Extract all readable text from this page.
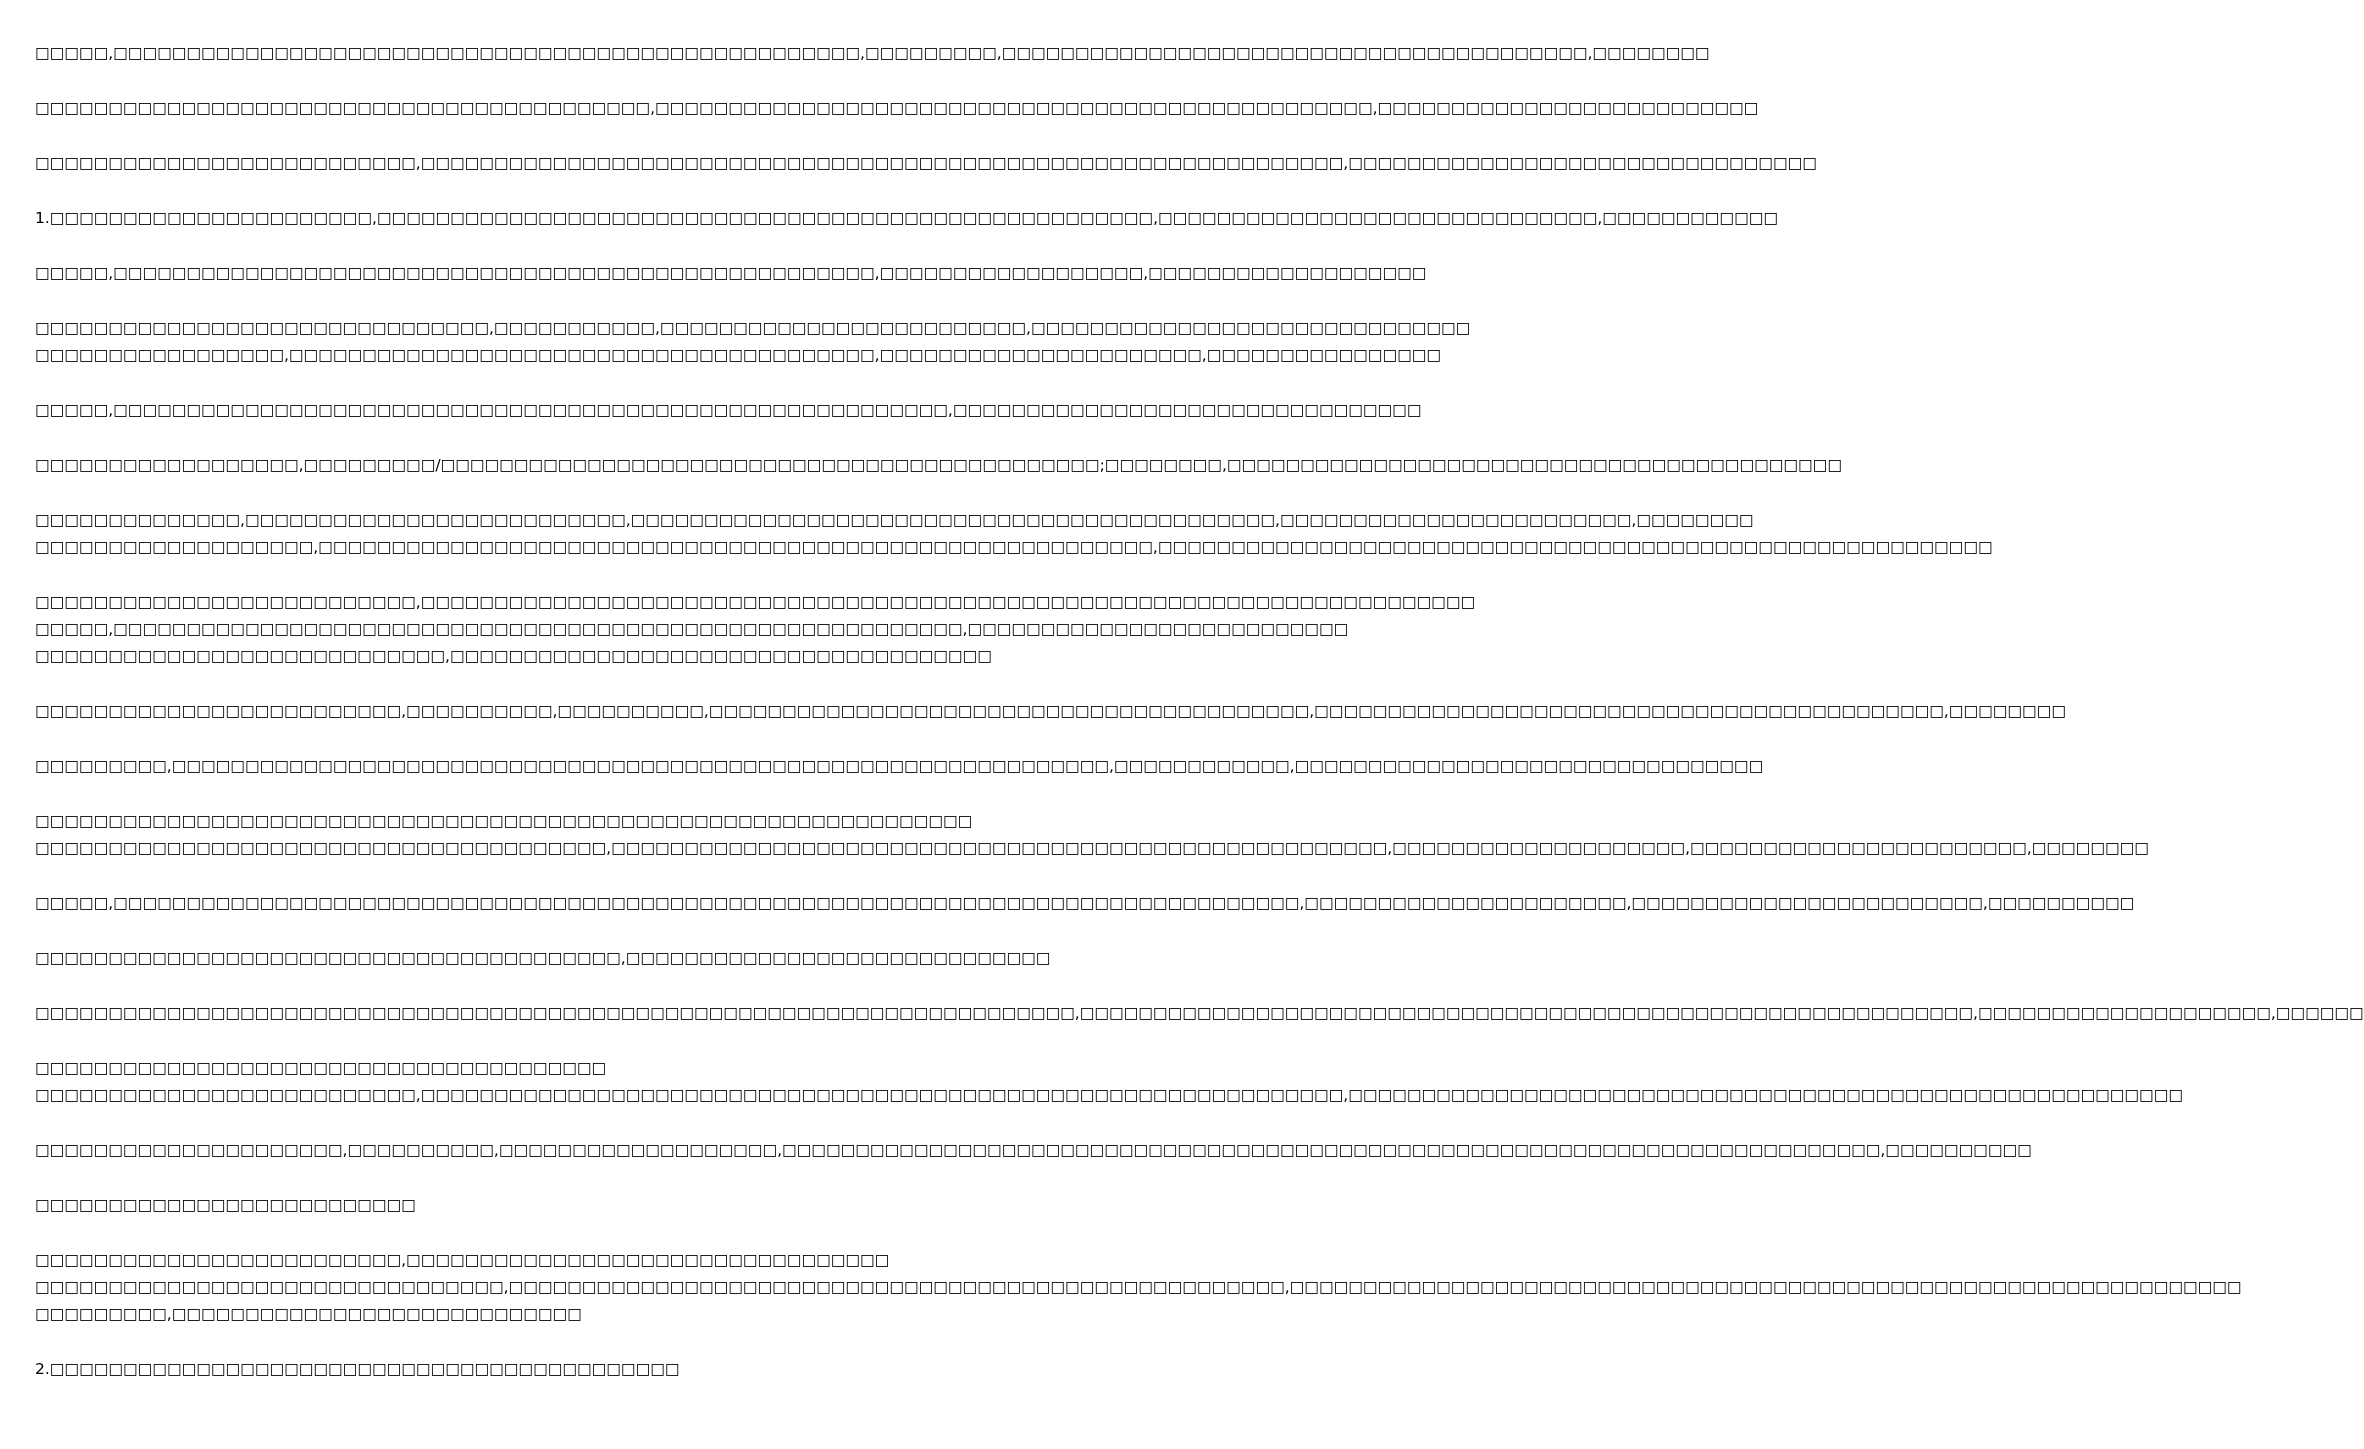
□□□□□,□□□□□□□□□□□□□□□□□□□□□□□□□□□□□□□□□□□□□□□□□□□□□□□□□□□,□□□□□□□□□,□□□□□□□□□□□□□□□□□□□□□□□□□□□□□□□□□□□□□□□□,□□□□□□□□
□□□□□□□□□□□□□□□□□□□□□□□□□□□□□□□□□□□□□□□□□□,□□□□□□□□□□□□□□□□□□□□□□□□□□□□□□□□□□□□□□□□□□□□□□□□□,□□□□□□□□□□□□□□□□□□□□□□□□□□
□□□□□□□□□□□□□□□□□□□□□□□□□□,□□□□□□□□□□□□□□□□□□□□□□□□□□□□□□□□□□□□□□□□□□□□□□□□□□□□□□□□□□□□□□□,□□□□□□□□□□□□□□□□□□□□□□□□□□□□□□□□
1.□□□□□□□□□□□□□□□□□□□□□□,□□□□□□□□□□□□□□□□□□□□□□□□□□□□□□□□□□□□□□□□□□□□□□□□□□□□□,□□□□□□□□□□□□□□□□□□□□□□□□□□□□□□,□□□□□□□□□□□□
□□□□□,□□□□□□□□□□□□□□□□□□□□□□□□□□□□□□□□□□□□□□□□□□□□□□□□□□□□,□□□□□□□□□□□□□□□□□□,□□□□□□□□□□□□□□□□□□□
□□□□□□□□□□□□□□□□□□□□□□□□□□□□□□□,□□□□□□□□□□□,□□□□□□□□□□□□□□□□□□□□□□□□□,□□□□□□□□□□□□□□□□□□□□□□□□□□□□□□
□□□□□□□□□□□□□□□□□,□□□□□□□□□□□□□□□□□□□□□□□□□□□□□□□□□□□□□□□□,□□□□□□□□□□□□□□□□□□□□□□,□□□□□□□□□□□□□□□□
□□□□□,□□□□□□□□□□□□□□□□□□□□□□□□□□□□□□□□□□□□□□□□□□□□□□□□□□□□□□□□□,□□□□□□□□□□□□□□□□□□□□□□□□□□□□□□□□
□□□□□□□□□□□□□□□□□□,□□□□□□□□□/□□□□□□□□□□□□□□□□□□□□□□□□□□□□□□□□□□□□□□□□□□□□□;□□□□□□□□,□□□□□□□□□□□□□□□□□□□□□□□□□□□□□□□□□□□□□□□□□□
□□□□□□□□□□□□□□,□□□□□□□□□□□□□□□□□□□□□□□□□□,□□□□□□□□□□□□□□□□□□□□□□□□□□□□□□□□□□□□□□□□□□□□,□□□□□□□□□□□□□□□□□□□□□□□□,□□□□□□□□
□□□□□□□□□□□□□□□□□□□,□□□□□□□□□□□□□□□□□□□□□□□□□□□□□□□□□□□□□□□□□□□□□□□□□□□□□□□□□,□□□□□□□□□□□□□□□□□□□□□□□□□□□□□□□□□□□□□□□□□□□□□□□□□□□□□□□□□
□□□□□□□□□□□□□□□□□□□□□□□□□□,□□□□□□□□□□□□□□□□□□□□□□□□□□□□□□□□□□□□□□□□□□□□□□□□□□□□□□□□□□□□□□□□□□□□□□□□
□□□□□,□□□□□□□□□□□□□□□□□□□□□□□□□□□□□□□□□□□□□□□□□□□□□□□□□□□□□□□□□□,□□□□□□□□□□□□□□□□□□□□□□□□□□
□□□□□□□□□□□□□□□□□□□□□□□□□□□□,□□□□□□□□□□□□□□□□□□□□□□□□□□□□□□□□□□□□□
□□□□□□□□□□□□□□□□□□□□□□□□□,□□□□□□□□□□,□□□□□□□□□□,□□□□□□□□□□□□□□□□□□□□□□□□□□□□□□□□□□□□□□□□□,□□□□□□□□□□□□□□□□□□□□□□□□□□□□□□□□□□□□□□□□□□□,□□□□□□□□
□□□□□□□□□,□□□□□□□□□□□□□□□□□□□□□□□□□□□□□□□□□□□□□□□□□□□□□□□□□□□□□□□□□□□□□□□□,□□□□□□□□□□□□,□□□□□□□□□□□□□□□□□□□□□□□□□□□□□□□□
□□□□□□□□□□□□□□□□□□□□□□□□□□□□□□□□□□□□□□□□□□□□□□□□□□□□□□□□□□□□□□□□
□□□□□□□□□□□□□□□□□□□□□□□□□□□□□□□□□□□□□□□,□□□□□□□□□□□□□□□□□□□□□□□□□□□□□□□□□□□□□□□□□□□□□□□□□□□□□,□□□□□□□□□□□□□□□□□□□□,□□□□□□□□□□□□□□□□□□□□□□□,□□□□□□□□
□□□□□,□□□□□□□□□□□□□□□□□□□□□□□□□□□□□□□□□□□□□□□□□□□□□□□□□□□□□□□□□□□□□□□□□□□□□□□□□□□□□□□□□,□□□□□□□□□□□□□□□□□□□□□□,□□□□□□□□□□□□□□□□□□□□□□□□,□□□□□□□□□□
□□□□□□□□□□□□□□□□□□□□□□□□□□□□□□□□□□□□□□□□,□□□□□□□□□□□□□□□□□□□□□□□□□□□□□
□□□□□□□□□□□□□□□□□□□□□□□□□□□□□□□□□□□□□□□□□□□□□□□□□□□□□□□□□□□□□□□□□□□□□□□,□□□□□□□□□□□□□□□□□□□□□□□□□□□□□□□□□□□□□□□□□□□□□□□□□□□□□□□□□□□□□,□□□□□□□□□□□□□□□□□□□□,□□□□□□
□□□□□□□□□□□□□□□□□□□□□□□□□□□□□□□□□□□□□□□
□□□□□□□□□□□□□□□□□□□□□□□□□□,□□□□□□□□□□□□□□□□□□□□□□□□□□□□□□□□□□□□□□□□□□□□□□□□□□□□□□□□□□□□□□□,□□□□□□□□□□□□□□□□□□□□□□□□□□□□□□□□□□□□□□□□□□□□□□□□□□□□□□□□□
□□□□□□□□□□□□□□□□□□□□□,□□□□□□□□□□,□□□□□□□□□□□□□□□□□□□,□□□□□□□□□□□□□□□□□□□□□□□□□□□□□□□□□□□□□□□□□□□□□□□□□□□□□□□□□□□□□□□□□□□□□□□□□□□,□□□□□□□□□□
□□□□□□□□□□□□□□□□□□□□□□□□□□
□□□□□□□□□□□□□□□□□□□□□□□□□,□□□□□□□□□□□□□□□□□□□□□□□□□□□□□□□□□
□□□□□□□□□□□□□□□□□□□□□□□□□□□□□□□□,□□□□□□□□□□□□□□□□□□□□□□□□□□□□□□□□□□□□□□□□□□□□□□□□□□□□□,□□□□□□□□□□□□□□□□□□□□□□□□□□□□□□□□□□□□□□□□□□□□□□□□□□□□□□□□□□□□□□□□□
□□□□□□□□□,□□□□□□□□□□□□□□□□□□□□□□□□□□□□
2.□□□□□□□□□□□□□□□□□□□□□□□□□□□□□□□□□□□□□□□□□□□
